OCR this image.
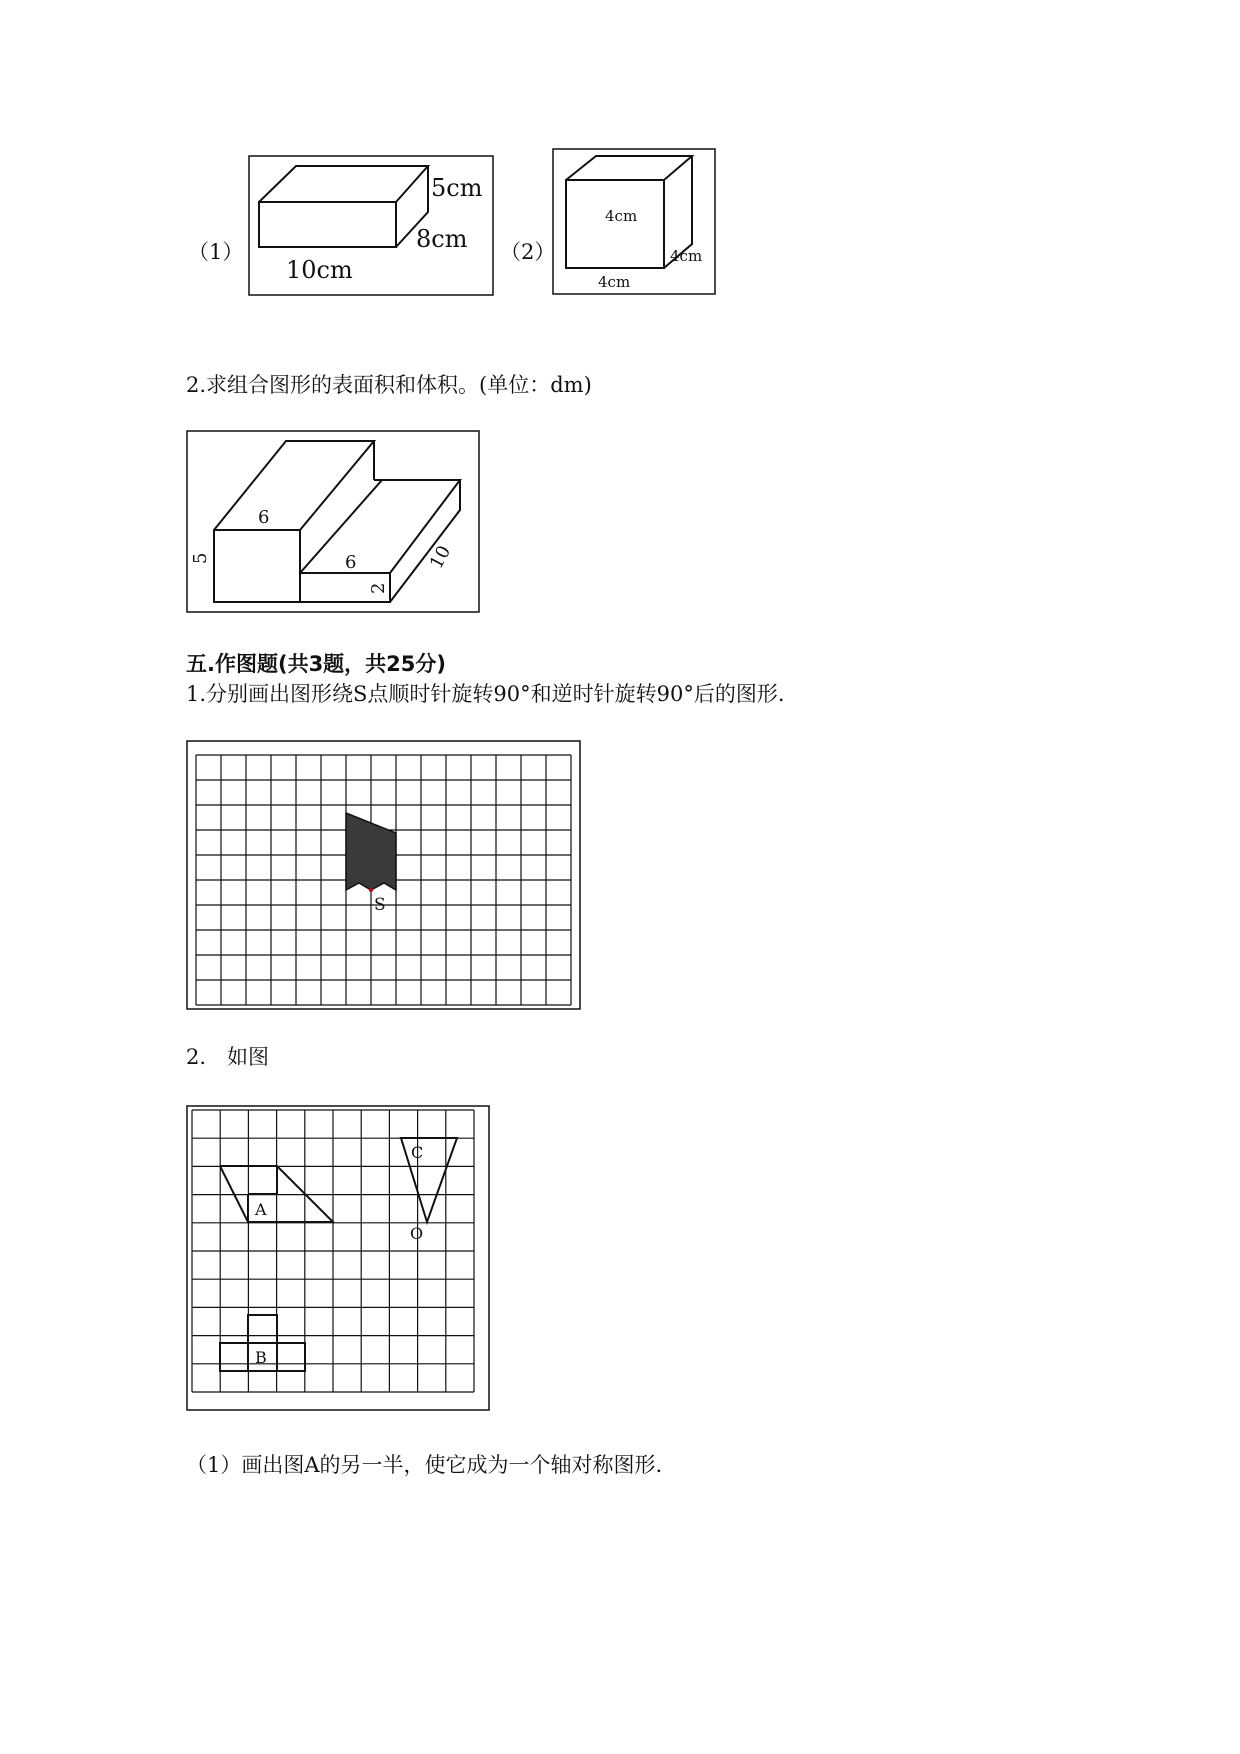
（1）
5cm
8cm
10cm
（2）
4cm
4cm
4cm
2.求组合图形的表面积和体积。(单位：dm)
6
5	6
2
10
五.作图题(共3题，共25分)
1.分别画出图形绕S点顺时针旋转90°和逆时针旋转90°后的图形.
S
2.　如图
A
B
C
O
（1）画出图A的另一半，使它成为一个轴对称图形.
